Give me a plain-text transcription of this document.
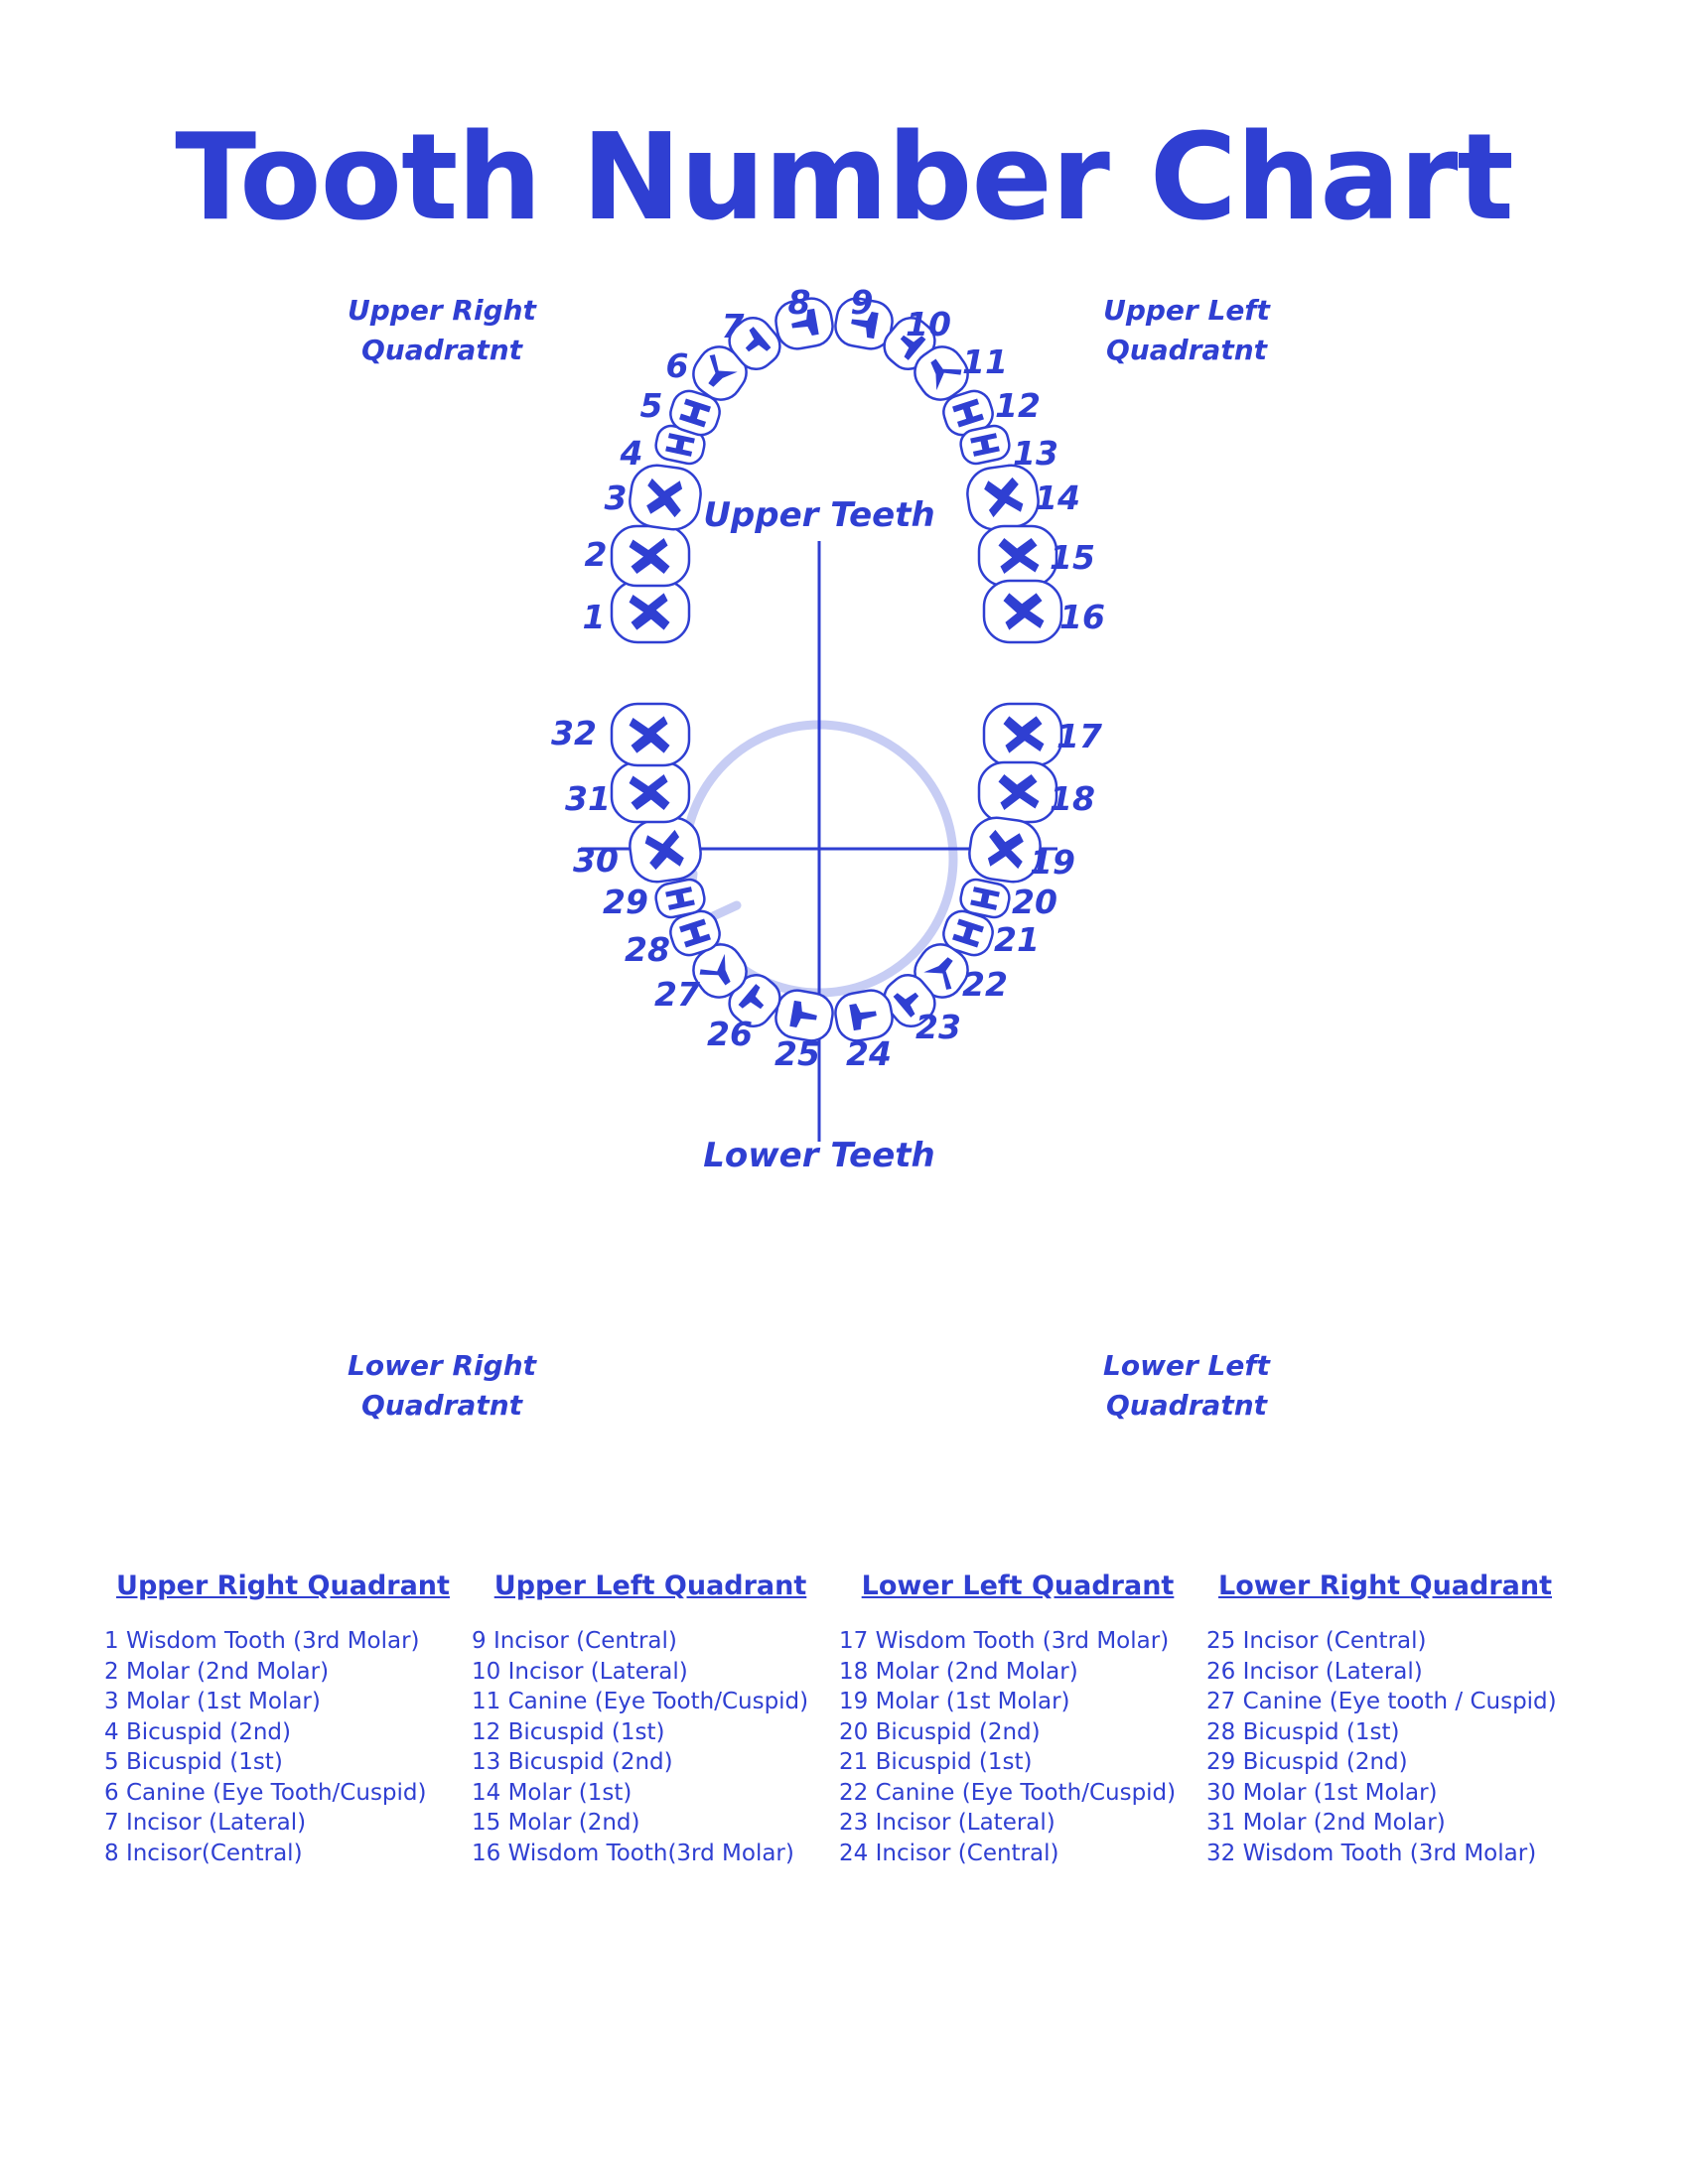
Tooth Number Chart
1
2
3
4
5
6
7
8 9
10
11
12
13
14
15
16
17
18
19
20
21
22
23
24
25
26
27
28
29
30
31
32
Upper Teeth
Lower Teeth
Upper Right
Quadratnt
Upper Left
Quadratnt
Lower Right
Quadratnt
Lower Left
Quadratnt
Upper Right Quadrant
1 Wisdom Tooth (3rd Molar)
2 Molar (2nd Molar)
3 Molar (1st Molar)
4 Bicuspid (2nd)
5 Bicuspid (1st)
6 Canine (Eye Tooth/Cuspid)
7 Incisor (Lateral)
8 Incisor(Central)
Upper Left Quadrant
9 Incisor (Central)
10 Incisor (Lateral)
11 Canine (Eye Tooth/Cuspid)
12 Bicuspid (1st)
13 Bicuspid (2nd)
14 Molar (1st)
15 Molar (2nd)
16 Wisdom Tooth(3rd Molar)
Lower Left Quadrant
17 Wisdom Tooth (3rd Molar)
18 Molar (2nd Molar)
19 Molar (1st Molar)
20 Bicuspid (2nd)
21 Bicuspid (1st)
22 Canine (Eye Tooth/Cuspid)
23 Incisor (Lateral)
24 Incisor (Central)
Lower Right Quadrant
25 Incisor (Central)
26 Incisor (Lateral)
27 Canine (Eye tooth / Cuspid)
28 Bicuspid (1st)
29 Bicuspid (2nd)
30 Molar (1st Molar)
31 Molar (2nd Molar)
32 Wisdom Tooth (3rd Molar)
